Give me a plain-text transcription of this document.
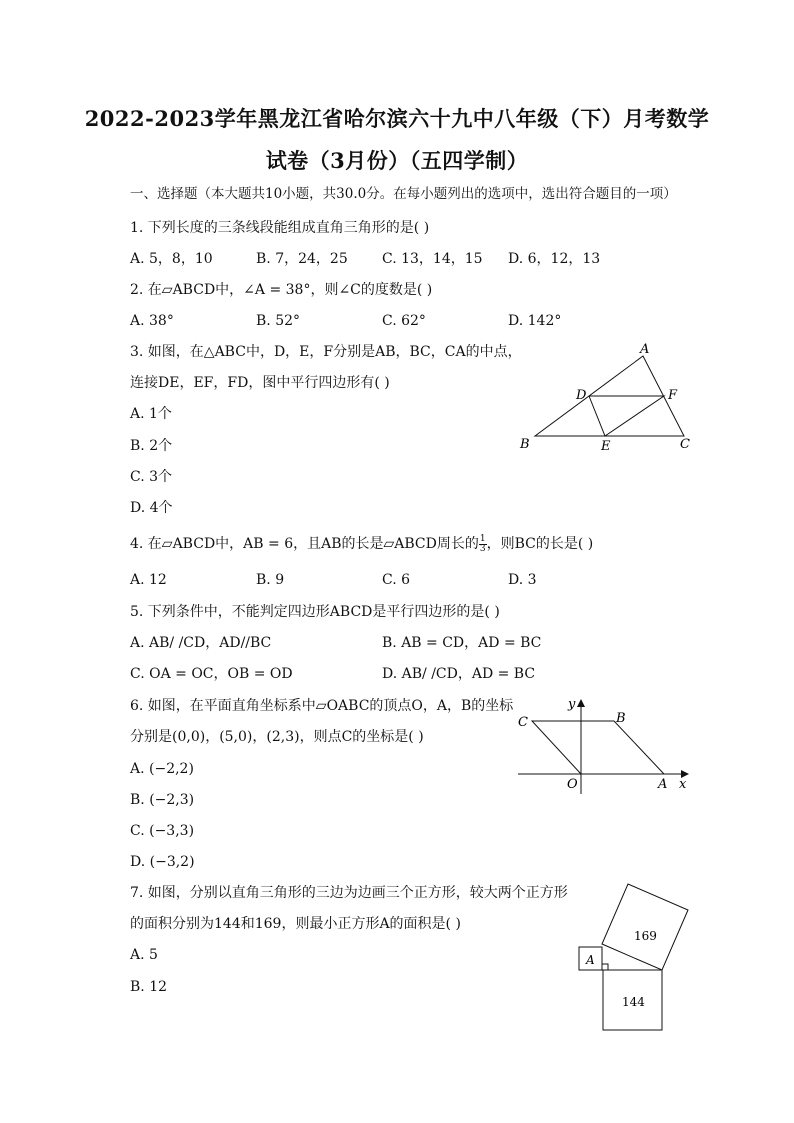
2022-2023学年黑龙江省哈尔滨六十九中八年级（下）月考数学
试卷（3月份）（五四学制）
一、选择题（本大题共10小题，共30.0分。在每小题列出的选项中，选出符合题目的一项）
1. 下列长度的三条线段能组成直角三角形的是( )
A. 5，8，10	B. 7，24，25 C. 13，14，15 D. 6，12，13
2. 在▱ABCD中，∠A = 38°，则∠C的度数是( )
A. 38°	B. 52°	C. 62°	D. 142°
3. 如图，在△ABC中，D，E，F分别是AB，BC，CA的中点，
连接DE，EF，FD，图中平行四边形有( )
A. 1个
B. 2个
C. 3个
D. 4个
A
B	C
D
E
F
4. 在▱ABCD中，AB = 6，且AB的长是▱ABCD周长的 $\frac{1}{3}$ ，则BC的长是( )
A. 12	B. 9	C. 6	D. 3
5. 下列条件中，不能判定四边形ABCD是平行四边形的是( )
A. AB/ /CD，AD//BC	B. AB = CD，AD = BC
C. OA = OC，OB = OD	D. AB/ /CD，AD = BC
6. 如图，在平面直角坐标系中▱OABC的顶点O，A，B的坐标
分别是(0,0)，(5,0)，(2,3)，则点C的坐标是( )
A. (−2,2)
B. (−2,3)
C. (−3,3)
D. (−3,2)
y
x
O	A
B
C
7. 如图，分别以直角三角形的三边为边画三个正方形，较大两个正方形
的面积分别为144和169，则最小正方形A的面积是( )
A. 5
B. 12
169
144
A
